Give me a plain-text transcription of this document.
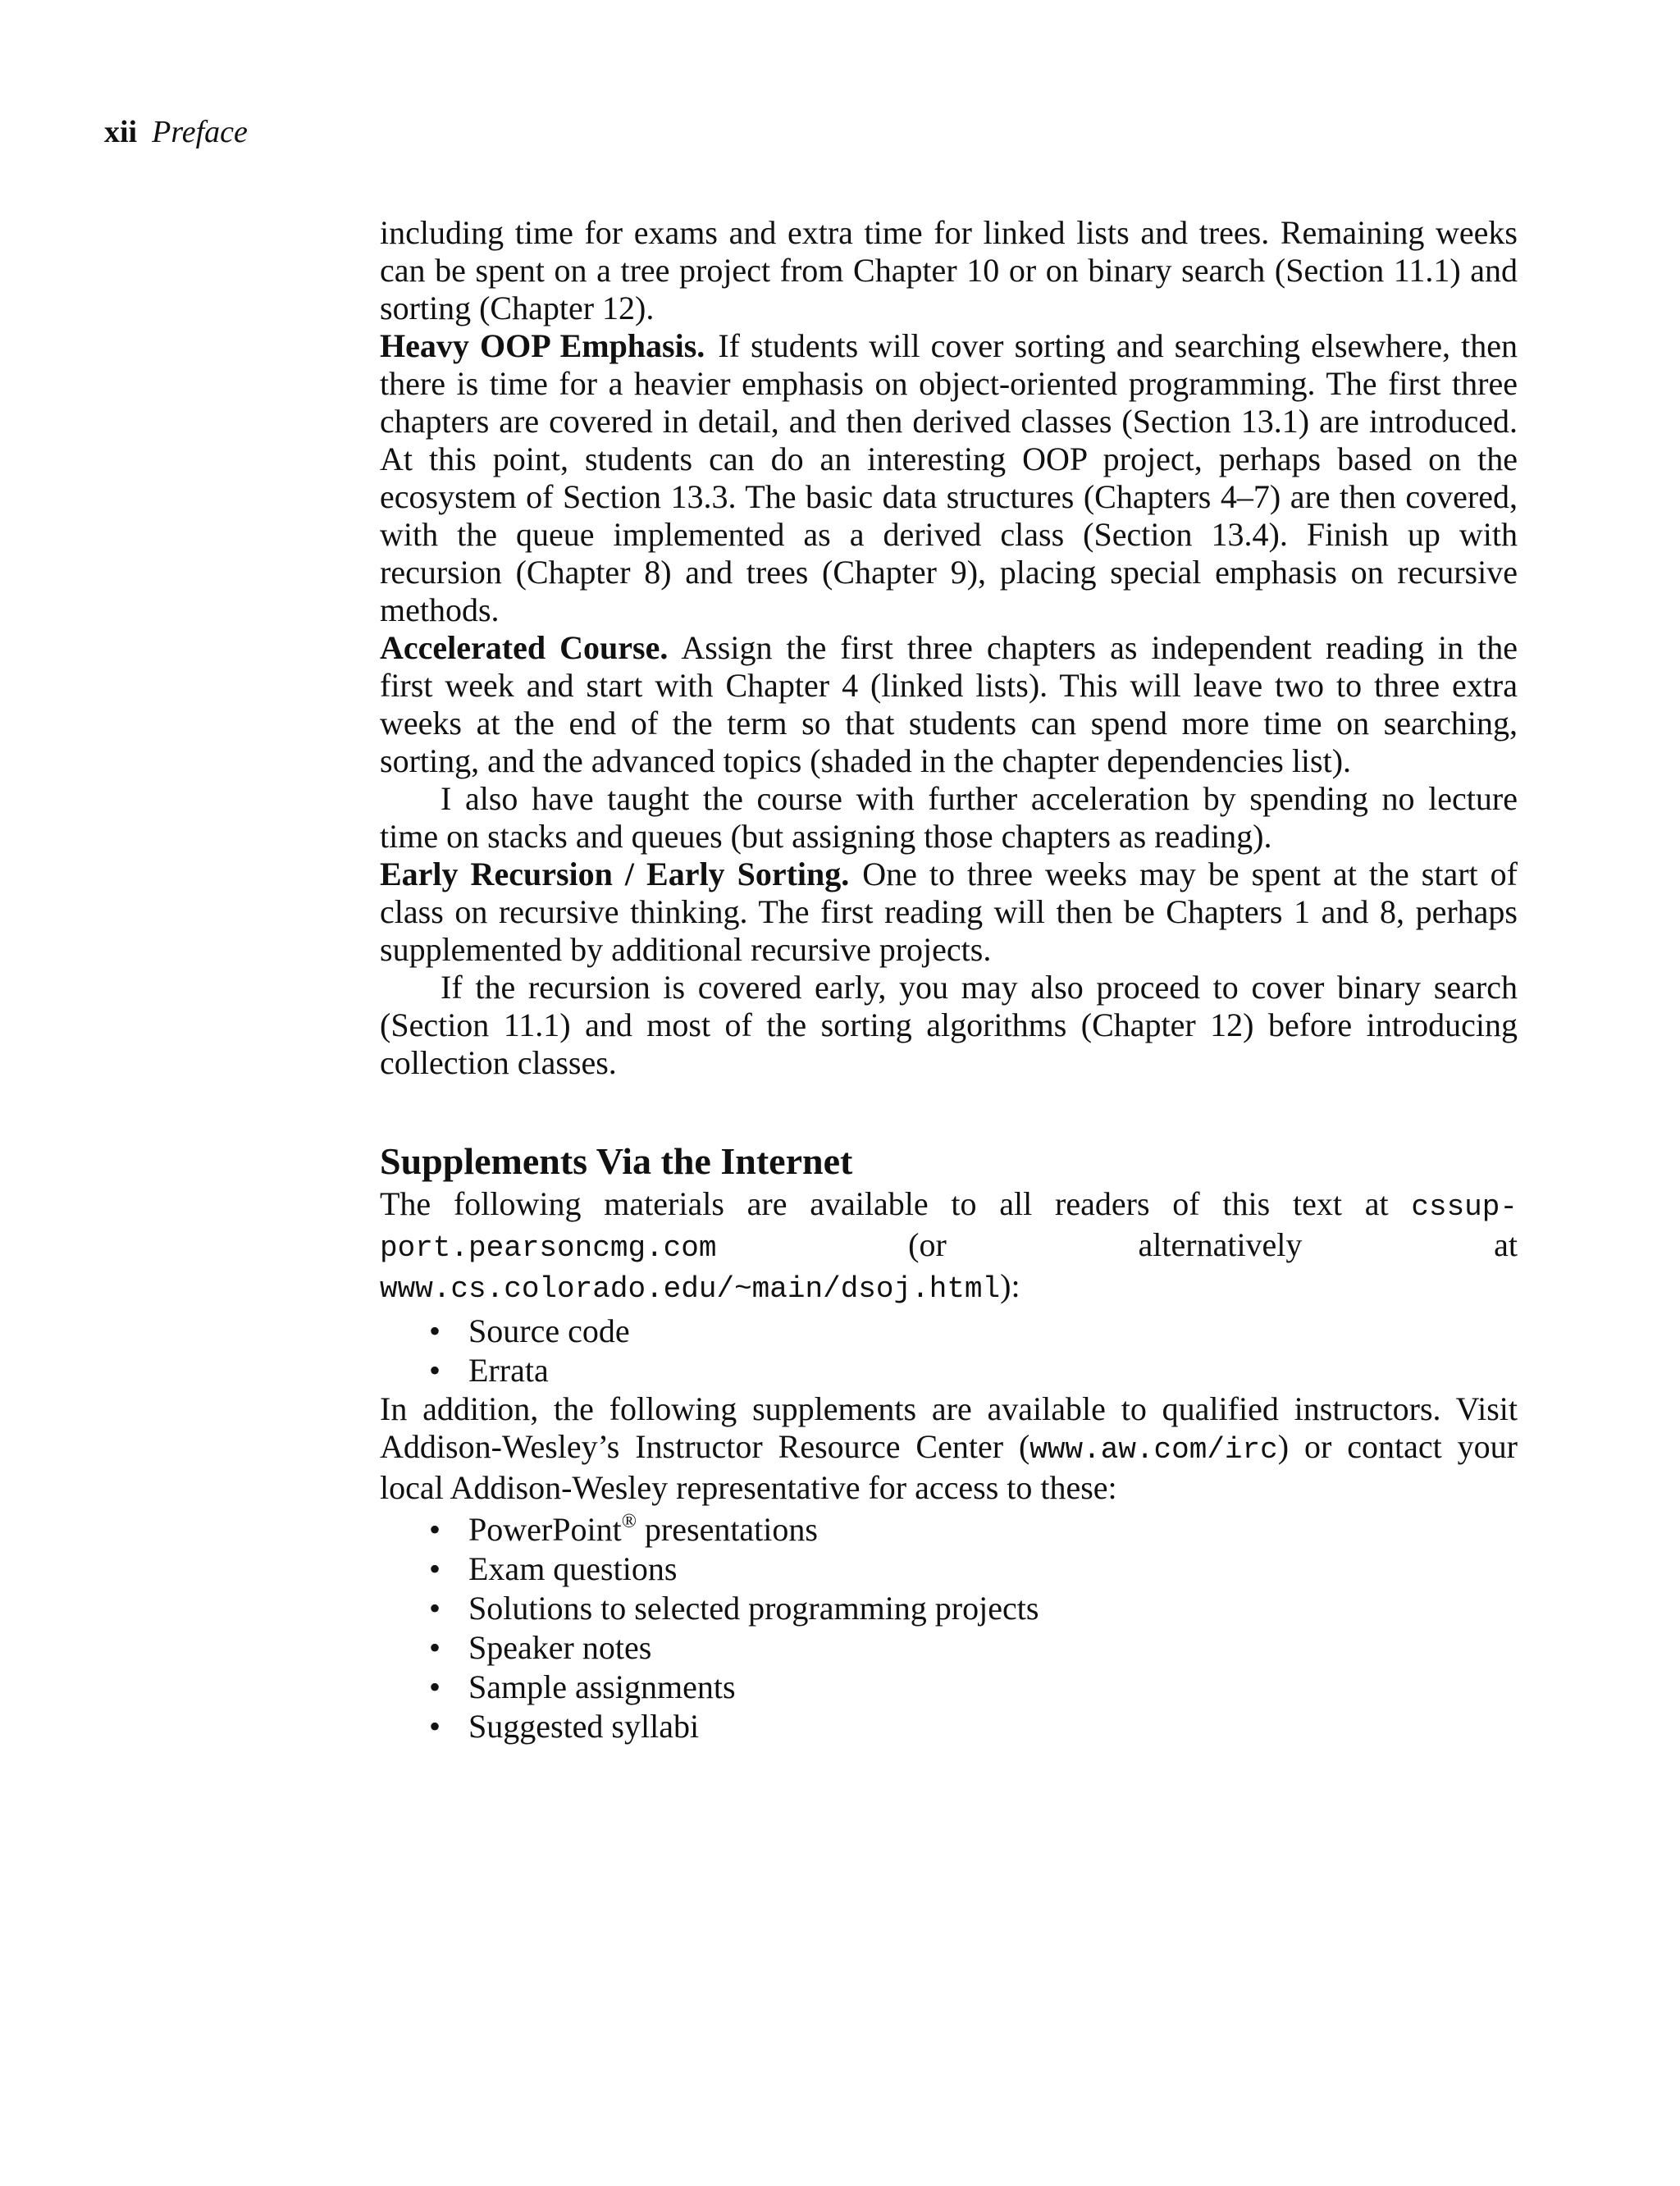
xii Preface

including time for exams and extra time for linked lists and trees. Remaining weeks can be spent on a tree project from Chapter 10 or on binary search (Section 11.1) and sorting (Chapter 12).

Heavy OOP Emphasis. If students will cover sorting and searching elsewhere, then there is time for a heavier emphasis on object-oriented programming. The first three chapters are covered in detail, and then derived classes (Section 13.1) are introduced. At this point, students can do an interesting OOP project, perhaps based on the ecosystem of Section 13.3. The basic data structures (Chapters 4–7) are then covered, with the queue implemented as a derived class (Section 13.4). Finish up with recursion (Chapter 8) and trees (Chapter 9), placing special emphasis on recursive methods.

Accelerated Course. Assign the first three chapters as independent reading in the first week and start with Chapter 4 (linked lists). This will leave two to three extra weeks at the end of the term so that students can spend more time on searching, sorting, and the advanced topics (shaded in the chapter dependencies list).

I also have taught the course with further acceleration by spending no lecture time on stacks and queues (but assigning those chapters as reading).

Early Recursion / Early Sorting. One to three weeks may be spent at the start of class on recursive thinking. The first reading will then be Chapters 1 and 8, perhaps supplemented by additional recursive projects.

If the recursion is covered early, you may also proceed to cover binary search (Section 11.1) and most of the sorting algorithms (Chapter 12) before introducing collection classes.

Supplements Via the Internet

The following materials are available to all readers of this text at cssupport.pearsoncmg.com (or alternatively at www.cs.colorado.edu/~main/dsoj.html):

• Source code
• Errata

In addition, the following supplements are available to qualified instructors. Visit Addison-Wesley’s Instructor Resource Center (www.aw.com/irc) or contact your local Addison-Wesley representative for access to these:

• PowerPoint® presentations
• Exam questions
• Solutions to selected programming projects
• Speaker notes
• Sample assignments
• Suggested syllabi
